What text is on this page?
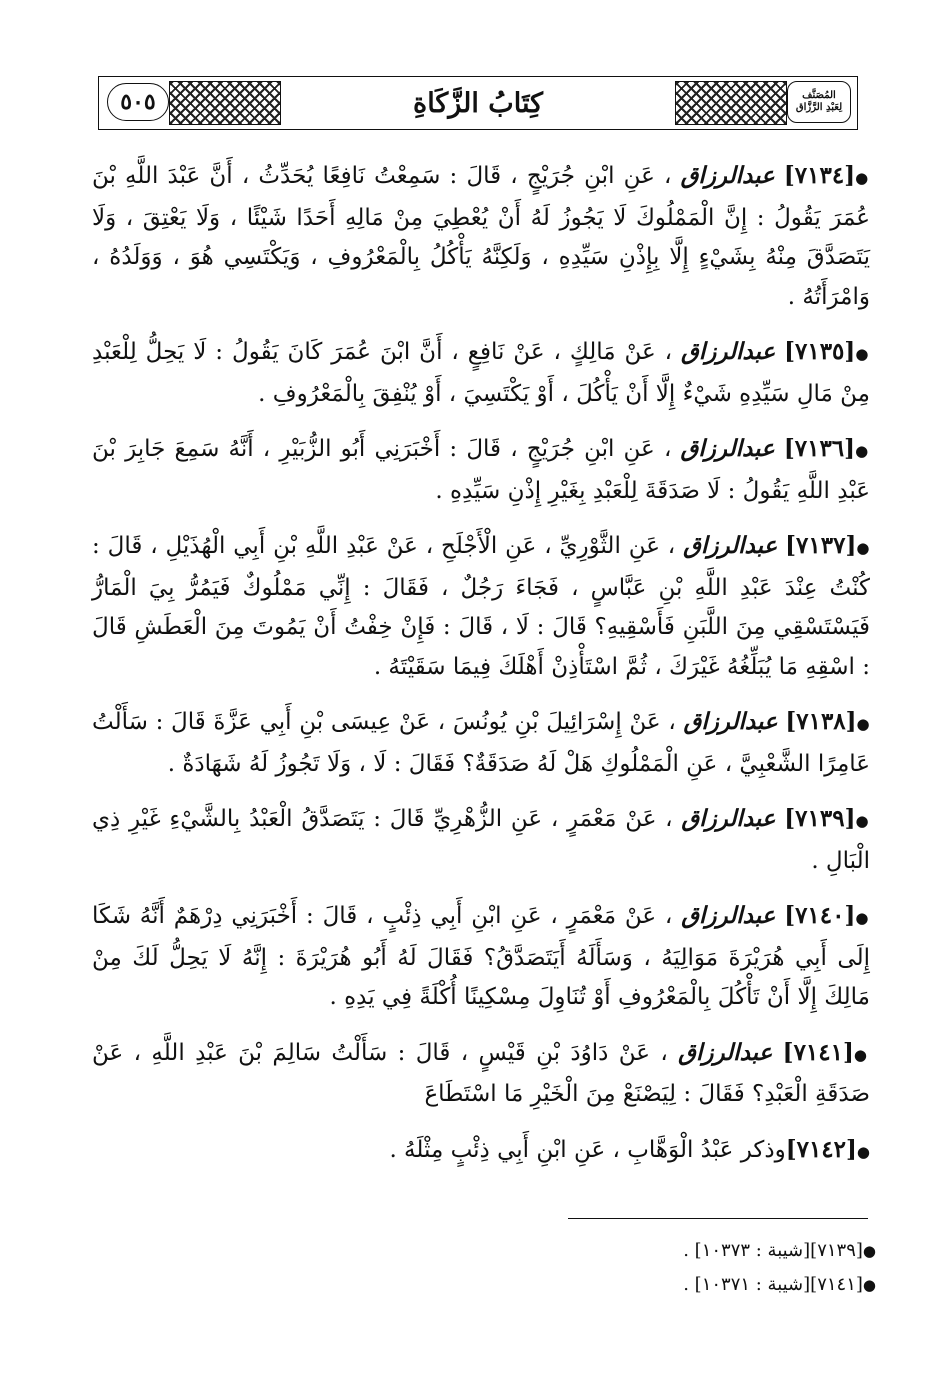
٥٠٥	كِتَابُ الزَّكَاةِ	المُصَنَّف
لِعَبْدِ الرَّزَّاق

●[٧١٣٤] عبدالرزاق ، عَنِ ابْنِ جُرَيْجٍ ، قَالَ : سَمِعْتُ نَافِعًا يُحَدِّثُ ، أَنَّ عَبْدَ اللَّهِ بْنَ عُمَرَ يَقُولُ : إِنَّ الْمَمْلُوكَ لَا يَجُوزُ لَهُ أَنْ يُعْطِيَ مِنْ مَالِهِ أَحَدًا شَيْئًا ، وَلَا يَعْتِقَ ، وَلَا يَتَصَدَّقَ مِنْهُ بِشَيْءٍ إِلَّا بِإِذْنِ سَيِّدِهِ ، وَلَكِنَّهُ يَأْكُلُ بِالْمَعْرُوفِ ، وَيَكْتَسِي هُوَ ، وَوَلَدُهُ ، وَامْرَأَتُهُ .

●[٧١٣٥] عبدالرزاق ، عَنْ مَالِكٍ ، عَنْ نَافِعٍ ، أَنَّ ابْنَ عُمَرَ كَانَ يَقُولُ : لَا يَحِلُّ لِلْعَبْدِ مِنْ مَالِ سَيِّدِهِ شَيْءٌ إِلَّا أَنْ يَأْكُلَ ، أَوْ يَكْتَسِيَ ، أَوْ يُنْفِقَ بِالْمَعْرُوفِ .

●[٧١٣٦] عبدالرزاق ، عَنِ ابْنِ جُرَيْجٍ ، قَالَ : أَخْبَرَنِي أَبُو الزُّبَيْرِ ، أَنَّهُ سَمِعَ جَابِرَ بْنَ عَبْدِ اللَّهِ يَقُولُ : لَا صَدَقَةَ لِلْعَبْدِ بِغَيْرِ إِذْنِ سَيِّدِهِ .

●[٧١٣٧] عبدالرزاق ، عَنِ الثَّوْرِيِّ ، عَنِ الْأَجْلَحِ ، عَنْ عَبْدِ اللَّهِ بْنِ أَبِي الْهُذَيْلِ ، قَالَ : كُنْتُ عِنْدَ عَبْدِ اللَّهِ بْنِ عَبَّاسٍ ، فَجَاءَ رَجُلٌ ، فَقَالَ : إِنِّي مَمْلُوكٌ فَيَمُرُّ بِيَ الْمَارُّ فَيَسْتَسْقِي مِنَ اللَّبَنِ فَأَسْقِيهِ؟ قَالَ : لَا ، قَالَ : فَإِنْ خِفْتُ أَنْ يَمُوتَ مِنَ الْعَطَشِ قَالَ : اسْقِهِ مَا يُبَلِّغُهُ غَيْرَكَ ، ثُمَّ اسْتَأْذِنْ أَهْلَكَ فِيمَا سَقَيْتَهُ .

●[٧١٣٨] عبدالرزاق ، عَنْ إِسْرَائِيلَ بْنِ يُونُسَ ، عَنْ عِيسَى بْنِ أَبِي عَزَّةَ قَالَ : سَأَلْتُ عَامِرًا الشَّعْبِيَّ ، عَنِ الْمَمْلُوكِ هَلْ لَهُ صَدَقَةٌ؟ فَقَالَ : لَا ، وَلَا تَجُوزُ لَهُ شَهَادَةٌ .

●[٧١٣٩] عبدالرزاق ، عَنْ مَعْمَرٍ ، عَنِ الزُّهْرِيِّ قَالَ : يَتَصَدَّقُ الْعَبْدُ بِالشَّيْءِ غَيْرِ ذِي الْبَالِ .

●[٧١٤٠] عبدالرزاق ، عَنْ مَعْمَرٍ ، عَنِ ابْنِ أَبِي ذِئْبٍ ، قَالَ : أَخْبَرَنِي دِرْهَمٌ أَنَّهُ شَكَا إِلَى أَبِي هُرَيْرَةَ مَوَالِيَهُ ، وَسَأَلَهُ أَيَتَصَدَّقُ؟ فَقَالَ لَهُ أَبُو هُرَيْرَةَ : إِنَّهُ لَا يَحِلُّ لَكَ مِنْ مَالِكَ إِلَّا أَنْ تَأْكُلَ بِالْمَعْرُوفِ أَوْ تُنَاوِلَ مِسْكِينًا أُكْلَةً فِي يَدِهِ .

●[٧١٤١] عبدالرزاق ، عَنْ دَاوُدَ بْنِ قَيْسٍ ، قَالَ : سَأَلْتُ سَالِمَ بْنَ عَبْدِ اللَّهِ ، عَنْ صَدَقَةِ الْعَبْدِ؟ فَقَالَ : لِيَصْنَعْ مِنَ الْخَيْرِ مَا اسْتَطَاعَ

●[٧١٤٢]وذكر عَبْدُ الْوَهَّابِ ، عَنِ ابْنِ أَبِي ذِئْبٍ مِثْلَهُ .

●[٧١٣٩][شيبة : ١٠٣٧٣] .
●[٧١٤١][شيبة : ١٠٣٧١] .
